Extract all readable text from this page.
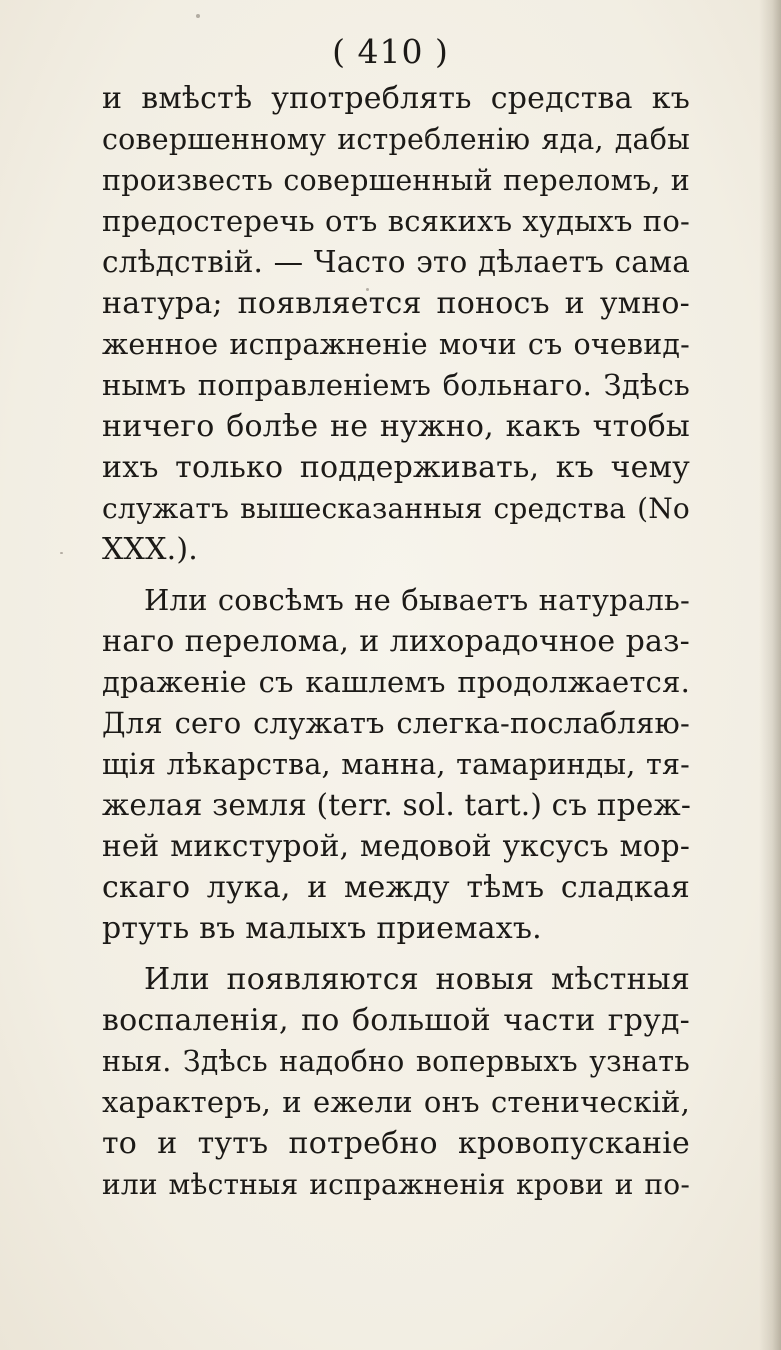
( 410 )
и вмѣстѣ употреблять средства къ
совершенному истребленію яда, дабы
произвесть совершенный переломъ, и
предостеречь отъ всякихъ худыхъ по-
слѣдствій. — Часто это дѣлаетъ сама
натура; появляется поносъ и умно-
женное испражненіе мочи съ очевид-
нымъ поправленіемъ больнаго. Здѣсь
ничего болѣе не нужно, какъ чтобы
ихъ только поддерживать, къ чему
служатъ вышесказанныя средства (No
XXX.).
Или совсѣмъ не бываетъ натураль-
наго перелома, и лихорадочное раз-
драженіе съ кашлемъ продолжается.
Для сего служатъ слегка-послабляю-
щія лѣкарства, манна, тамаринды, тя-
желая земля (terr. sol. tart.) съ преж-
ней микстурой, медовой уксусъ мор-
скаго лука, и между тѣмъ сладкая
ртуть въ малыхъ приемахъ.
Или появляются новыя мѣстныя
воспаленія, по большой части груд-
ныя. Здѣсь надобно вопервыхъ узнать
характеръ, и ежели онъ стеническій,
то и тутъ потребно кровопусканіе
или мѣстныя испражненія крови и по-
